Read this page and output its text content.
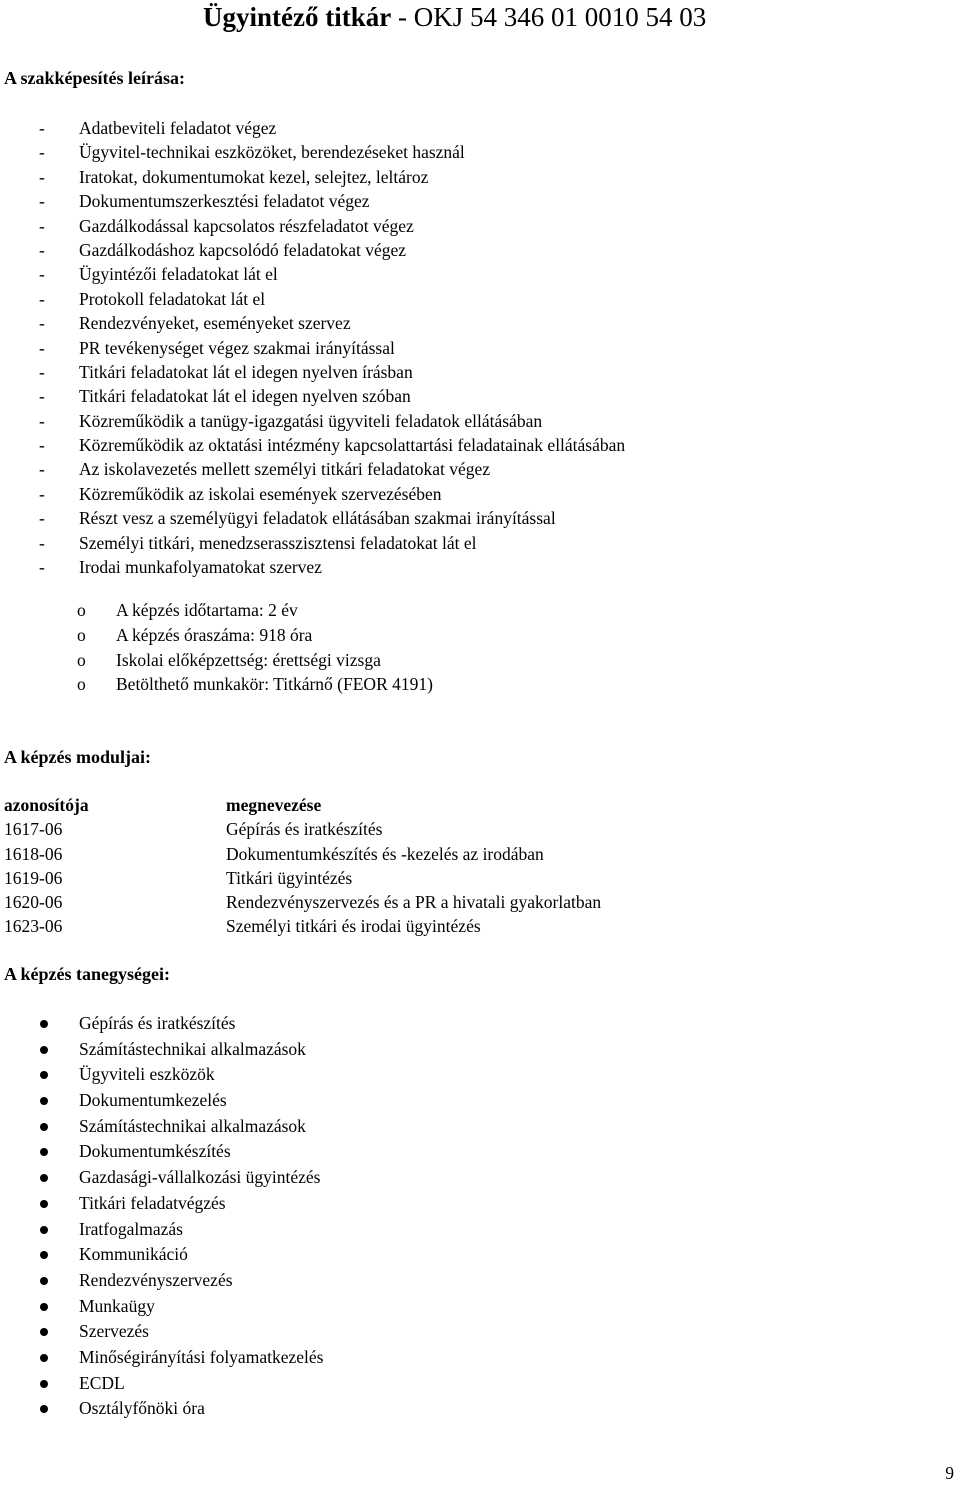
Ügyintéző titkár - OKJ 54 346 01 0010 54 03
A szakképesítés leírása:
- Adatbeviteli feladatot végez
- Ügyvitel-technikai eszközöket, berendezéseket használ
- Iratokat, dokumentumokat kezel, selejtez, leltároz
- Dokumentumszerkesztési feladatot végez
- Gazdálkodással kapcsolatos részfeladatot végez
- Gazdálkodáshoz kapcsolódó feladatokat végez
- Ügyintézői feladatokat lát el
- Protokoll feladatokat lát el
- Rendezvényeket, eseményeket szervez
- PR tevékenységet végez szakmai irányítással
- Titkári feladatokat lát el idegen nyelven írásban
- Titkári feladatokat lát el idegen nyelven szóban
- Közreműködik a tanügy-igazgatási ügyviteli feladatok ellátásában
- Közreműködik az oktatási intézmény kapcsolattartási feladatainak ellátásában
- Az iskolavezetés mellett személyi titkári feladatokat végez
- Közreműködik az iskolai események szervezésében
- Részt vesz a személyügyi feladatok ellátásában szakmai irányítással
- Személyi titkári, menedzserasszisztensi feladatokat lát el
- Irodai munkafolyamatokat szervez
o A képzés időtartama: 2 év
o A képzés óraszáma: 918 óra
o Iskolai előképzettség: érettségi vizsga
o Betölthető munkakör: Titkárnő (FEOR 4191)
A képzés moduljai:
azonosítója	megnevezése
1617-06	Gépírás és iratkészítés
1618-06	Dokumentumkészítés és -kezelés az irodában
1619-06	Titkári ügyintézés
1620-06	Rendezvényszervezés és a PR a hivatali gyakorlatban
1623-06	Személyi titkári és irodai ügyintézés
A képzés tanegységei:
Gépírás és iratkészítés
Számítástechnikai alkalmazások
Ügyviteli eszközök
Dokumentumkezelés
Számítástechnikai alkalmazások
Dokumentumkészítés
Gazdasági-vállalkozási ügyintézés
Titkári feladatvégzés
Iratfogalmazás
Kommunikáció
Rendezvényszervezés
Munkaügy
Szervezés
Minőségirányítási folyamatkezelés
ECDL
Osztályfőnöki óra

9
